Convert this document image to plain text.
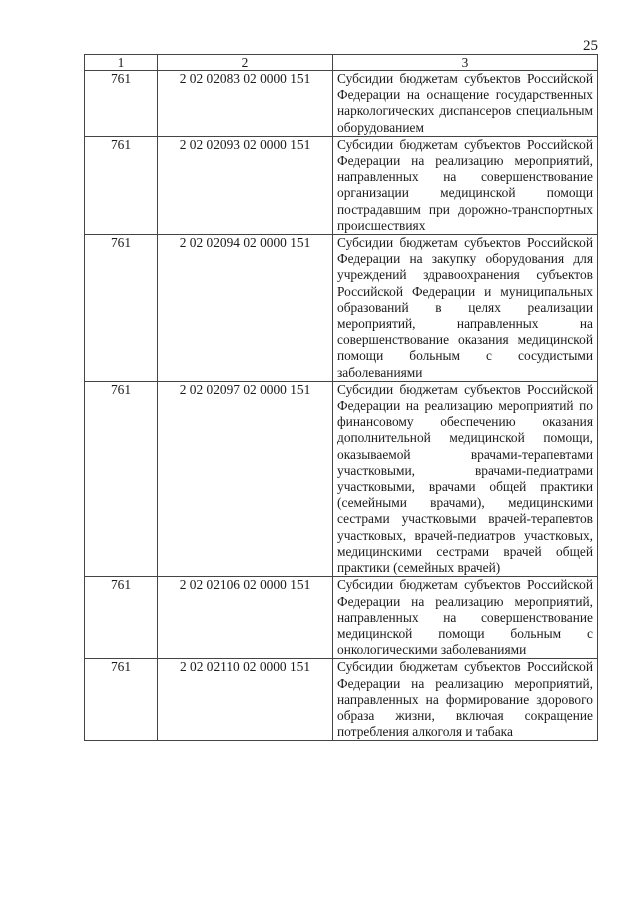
25
1	2	3
761	2 02 02083 02 0000 151	Субсидии бюджетам субъектов Российской Федерации на оснащение государственных наркологических диспансеров специальным оборудованием
761	2 02 02093 02 0000 151	Субсидии бюджетам субъектов Российской Федерации на реализацию мероприятий, направленных на совершенствование организации медицинской помощи пострадавшим при дорожно-транспортных происшествиях
761	2 02 02094 02 0000 151	Субсидии бюджетам субъектов Российской Федерации на закупку оборудования для учреждений здравоохранения субъектов Российской Федерации и муниципальных образований в целях реализации мероприятий, направленных на совершенствование оказания медицинской помощи больным с сосудистыми заболеваниями
761	2 02 02097 02 0000 151	Субсидии бюджетам субъектов Российской Федерации на реализацию мероприятий по финансовому обеспечению оказания дополнительной медицинской помощи, оказываемой врачами-терапевтами участковыми, врачами-педиатрами участковыми, врачами общей практики (семейными врачами), медицинскими сестрами участковыми врачей-терапевтов участковых, врачей-педиатров участковых, медицинскими сестрами врачей общей практики (семейных врачей)
761	2 02 02106 02 0000 151	Субсидии бюджетам субъектов Российской Федерации на реализацию мероприятий, направленных на совершенствование медицинской помощи больным с онкологическими заболеваниями
761	2 02 02110 02 0000 151	Субсидии бюджетам субъектов Российской Федерации на реализацию мероприятий, направленных на формирование здорового образа жизни, включая сокращение потребления алкоголя и табака
